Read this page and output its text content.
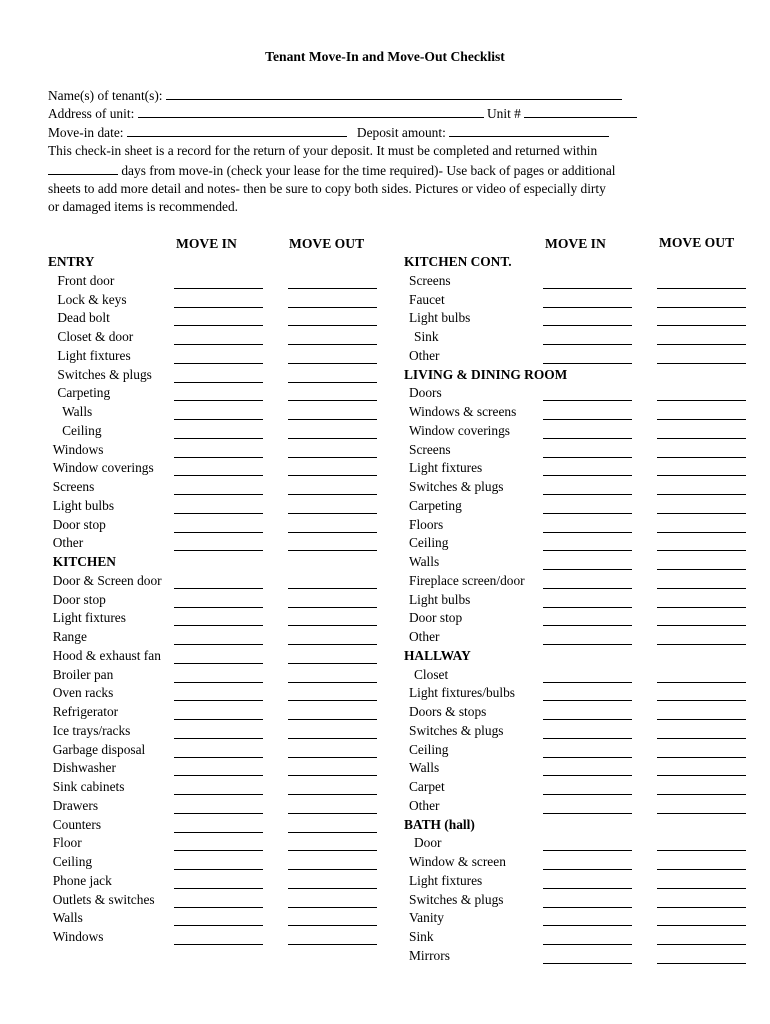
Tenant Move-In and Move-Out Checklist
Name(s) of tenant(s):
Address of unit:	Unit #
Move-in date:	Deposit amount:
This check-in sheet is a record for the return of your deposit. It must be completed and returned within
days from move-in (check your lease for the time required)- Use back of pages or additional
sheets to add more detail and notes- then be sure to copy both sides. Pictures or video of especially dirty
or damaged items is recommended.
MOVE IN	MOVE OUT	MOVE IN	MOVE OUT
ENTRY
Front door
Lock & keys
Dead bolt
Closet & door
Light fixtures
Switches & plugs
Carpeting
Walls
Ceiling
Windows
Window coverings
Screens
Light bulbs
Door stop
Other
KITCHEN
Door & Screen door
Door stop
Light fixtures
Range
Hood & exhaust fan
Broiler pan
Oven racks
Refrigerator
Ice trays/racks
Garbage disposal
Dishwasher
Sink cabinets
Drawers
Counters
Floor
Ceiling
Phone jack
Outlets & switches
Walls
Windows
KITCHEN CONT.
Screens
Faucet
Light bulbs
Sink
Other
LIVING & DINING ROOM
Doors
Windows & screens
Window coverings
Screens
Light fixtures
Switches & plugs
Carpeting
Floors
Ceiling
Walls
Fireplace screen/door
Light bulbs
Door stop
Other
HALLWAY
Closet
Light fixtures/bulbs
Doors & stops
Switches & plugs
Ceiling
Walls
Carpet
Other
BATH (hall)
Door
Window & screen
Light fixtures
Switches & plugs
Vanity
Sink
Mirrors
